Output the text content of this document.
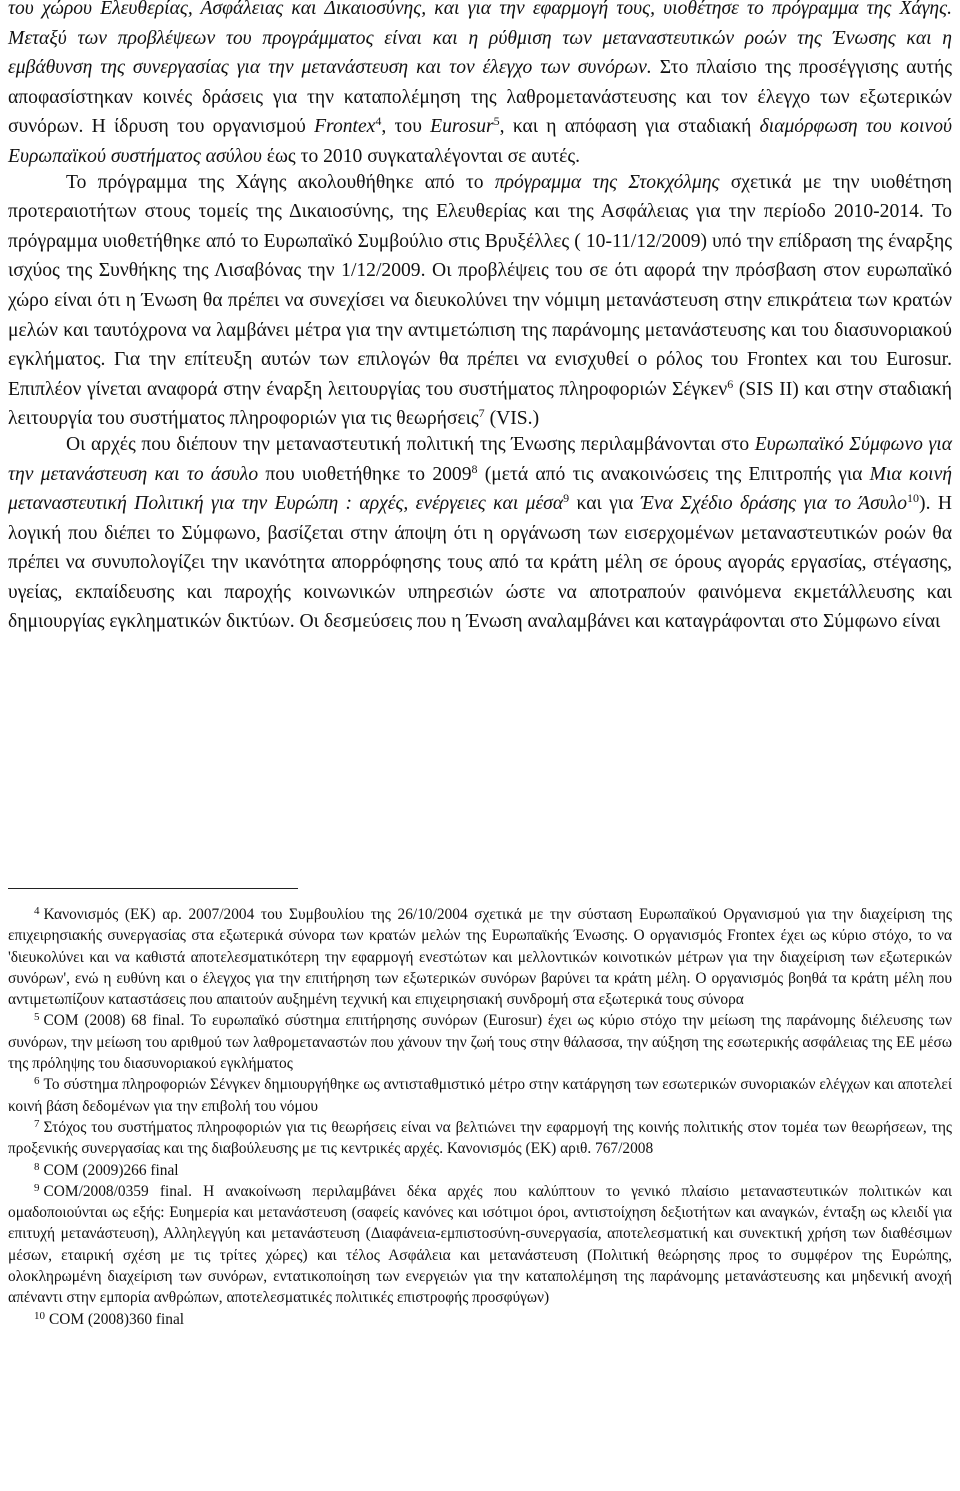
του χώρου Ελευθερίας, Ασφάλειας και Δικαιοσύνης, και για την εφαρμογή τους, υιοθέτησε το πρόγραμμα της Χάγης. Μεταξύ των προβλέψεων του προγράμματος είναι και η ρύθμιση των μεταναστευτικών ροών της Ένωσης και η εμβάθυνση της συνεργασίας για την μετανάστευση και τον έλεγχο των συνόρων. Στο πλαίσιο της προσέγγισης αυτής αποφασίστηκαν κοινές δράσεις για την καταπολέμηση της λαθρομετανάστευσης και τον έλεγχο των εξωτερικών συνόρων. Η ίδρυση του οργανισμού Frontex$^4$, του Eurosur$^5$, και η απόφαση για σταδιακή διαμόρφωση του κοινού Ευρωπαϊκού συστήματος ασύλου έως το 2010 συγκαταλέγονται σε αυτές.

Το πρόγραμμα της Χάγης ακολουθήθηκε από το πρόγραμμα της Στοκχόλμης σχετικά με την υιοθέτηση προτεραιοτήτων στους τομείς της Δικαιοσύνης, της Ελευθερίας και της Ασφάλειας για την περίοδο 2010-2014. Το πρόγραμμα υιοθετήθηκε από το Ευρωπαϊκό Συμβούλιο στις Βρυξέλλες ( 10-11/12/2009) υπό την επίδραση της έναρξης ισχύος της Συνθήκης της Λισαβόνας την 1/12/2009. Οι προβλέψεις του σε ότι αφορά την πρόσβαση στον ευρωπαϊκό χώρο είναι ότι η Ένωση θα πρέπει να συνεχίσει να διευκολύνει την νόμιμη μετανάστευση στην επικράτεια των κρατών μελών και ταυτόχρονα να λαμβάνει μέτρα για την αντιμετώπιση της παράνομης μετανάστευσης και του διασυνοριακού εγκλήματος. Για την επίτευξη αυτών των επιλογών θα πρέπει να ενισχυθεί ο ρόλος του Frontex και του Eurosur. Επιπλέον γίνεται αναφορά στην έναρξη λειτουργίας του συστήματος πληροφοριών Σέγκεν$^6$ (SIS II) και στην σταδιακή λειτουργία του συστήματος πληροφοριών για τις θεωρήσεις$^7$ (VIS.)

Οι αρχές που διέπουν την μεταναστευτική πολιτική της Ένωσης περιλαμβάνονται στο Ευρωπαϊκό Σύμφωνο για την μετανάστευση και το άσυλο που υιοθετήθηκε το 2009$^8$ (μετά από τις ανακοινώσεις της Επιτροπής για Μια κοινή μεταναστευτική Πολιτική για την Ευρώπη : αρχές, ενέργειες και μέσα$^9$ και για Ένα Σχέδιο δράσης για το Άσυλο$^{10}$). Η λογική που διέπει το Σύμφωνο, βασίζεται στην άποψη ότι η οργάνωση των εισερχομένων μεταναστευτικών ροών θα πρέπει να συνυπολογίζει την ικανότητα απορρόφησης τους από τα κράτη μέλη σε όρους αγοράς εργασίας, στέγασης, υγείας, εκπαίδευσης και παροχής κοινωνικών υπηρεσιών ώστε να αποτραπούν φαινόμενα εκμετάλλευσης και δημιουργίας εγκληματικών δικτύων. Οι δεσμεύσεις που η Ένωση αναλαμβάνει και καταγράφονται στο Σύμφωνο είναι

$^4$ Κανονισμός (ΕΚ) αρ. 2007/2004 του Συμβουλίου της 26/10/2004 σχετικά με την σύσταση Ευρωπαϊκού Οργανισμού για την διαχείριση της επιχειρησιακής συνεργασίας στα εξωτερικά σύνορα των κρατών μελών της Ευρωπαϊκής Ένωσης. Ο οργανισμός Frontex έχει ως κύριο στόχο, το να 'διευκολύνει και να καθιστά αποτελεσματικότερη την εφαρμογή ενεστώτων και μελλοντικών κοινοτικών μέτρων για την διαχείριση των εξωτερικών συνόρων', ενώ η ευθύνη και ο έλεγχος για την επιτήρηση των εξωτερικών συνόρων βαρύνει τα κράτη μέλη. Ο οργανισμός βοηθά τα κράτη μέλη που αντιμετωπίζουν καταστάσεις που απαιτούν αυξημένη τεχνική και επιχειρησιακή συνδρομή στα εξωτερικά τους σύνορα

$^5$ COM (2008) 68 final. Το ευρωπαϊκό σύστημα επιτήρησης συνόρων (Eurosur) έχει ως κύριο στόχο την μείωση της παράνομης διέλευσης των συνόρων, την μείωση του αριθμού των λαθρομεταναστών που χάνουν την ζωή τους στην θάλασσα, την αύξηση της εσωτερικής ασφάλειας της ΕΕ μέσω της πρόληψης του διασυνοριακού εγκλήματος

$^6$ Το σύστημα πληροφοριών Σένγκεν δημιουργήθηκε ως αντισταθμιστικό μέτρο στην κατάργηση των εσωτερικών συνοριακών ελέγχων και αποτελεί κοινή βάση δεδομένων για την επιβολή του νόμου

$^7$ Στόχος του συστήματος πληροφοριών για τις θεωρήσεις είναι να βελτιώνει την εφαρμογή της κοινής πολιτικής στον τομέα των θεωρήσεων, της προξενικής συνεργασίας και της διαβούλευσης με τις κεντρικές αρχές. Κανονισμός (ΕΚ) αριθ. 767/2008

$^8$ COM (2009)266 final

$^9$ COM/2008/0359 final. Η ανακοίνωση περιλαμβάνει δέκα αρχές που καλύπτουν το γενικό πλαίσιο μεταναστευτικών πολιτικών και ομαδοποιούνται ως εξής: Ευημερία και μετανάστευση (σαφείς κανόνες και ισότιμοι όροι, αντιστοίχηση δεξιοτήτων και αναγκών, ένταξη ως κλειδί για επιτυχή μετανάστευση), Αλληλεγγύη και μετανάστευση (Διαφάνεια-εμπιστοσύνη-συνεργασία, αποτελεσματική και συνεκτική χρήση των διαθέσιμων μέσων, εταιρική σχέση με τις τρίτες χώρες) και τέλος Ασφάλεια και μετανάστευση (Πολιτική θεώρησης προς το συμφέρον της Ευρώπης, ολοκληρωμένη διαχείριση των συνόρων, εντατικοποίηση των ενεργειών για την καταπολέμηση της παράνομης μετανάστευσης και μηδενική ανοχή απέναντι στην εμπορία ανθρώπων, αποτελεσματικές πολιτικές επιστροφής προσφύγων)

$^{10}$ COM (2008)360 final
